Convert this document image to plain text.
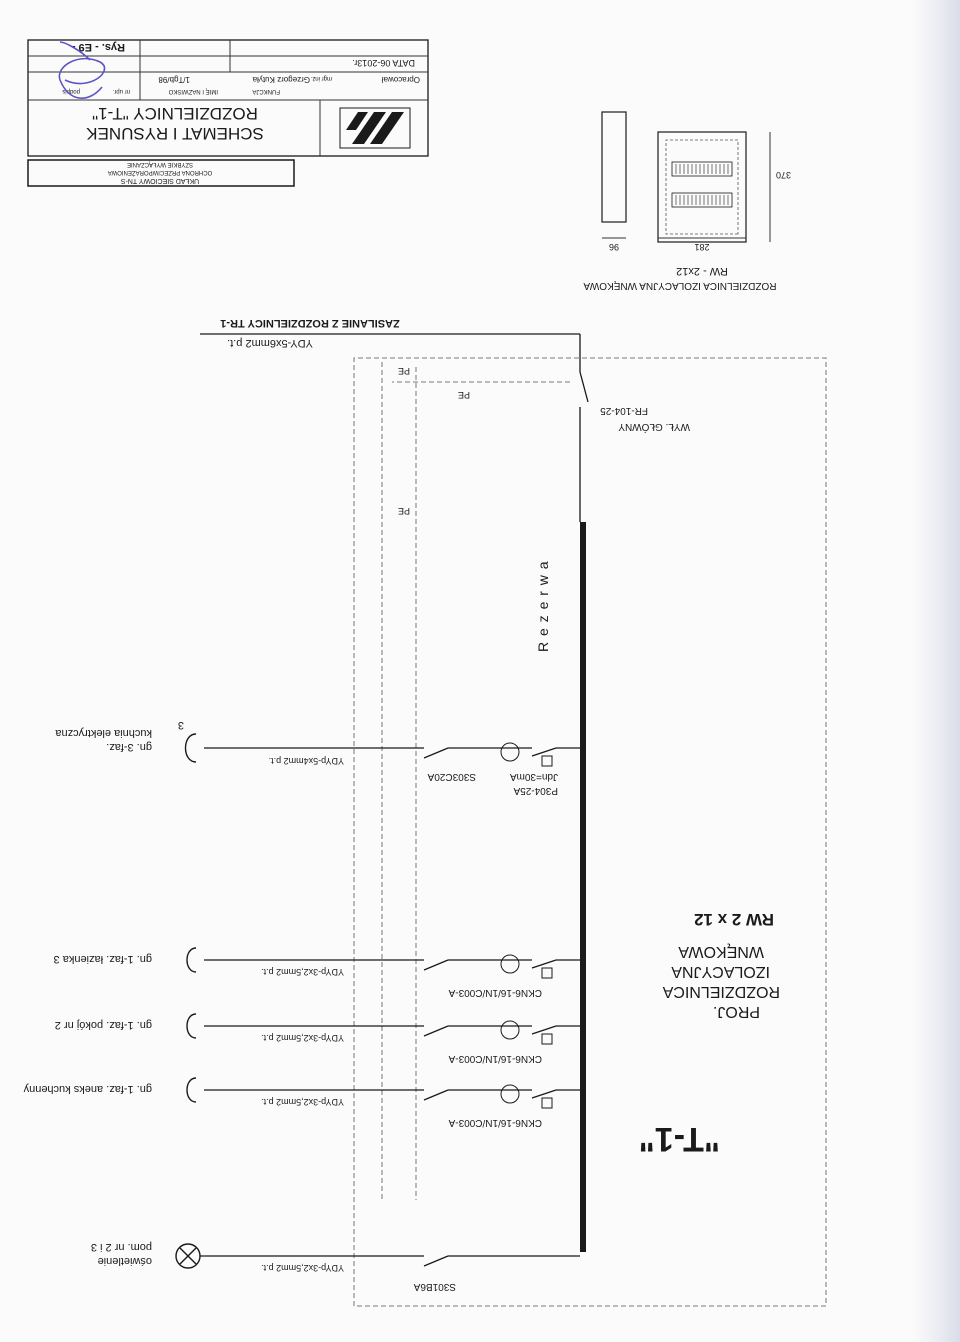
SCHEMAT I RYSUNEK
ROZDZIELNICY "T-1"
FUNKCJA
IMIĘ I NAZWISKO
nr upr.
podpis
Opracował
mgr inż.
Grzegorz Kutyła
1/Tgb/98
DATA 06-2013r.
Rys. - E9 -
UKŁAD SIECIOWY TN-S
OCHRONA PRZECIWPORAŻENIOWA
SZYBKIE WYŁĄCZANIE
281
96
370
RW - 2x12
ROZDZIELNICA IZOLACYJNA WNĘKOWA
ZASILANIE Z ROZDZIELNICY TR-1
YDY-5x6mm2 p.t.
FR-104-25
WYŁ. GŁÓWNY
PE
PE
PE
R e z e r w a
"T-1"
PROJ.
ROZDZIELNICA
IZOLACYJNA
WNĘKOWA
RW 2 x 12
P304-25A
Jdn=30mA
S303C20A
YDYp-5x4mm2 p.t.
3
gn. 3-faz.
kuchnia elektryczna
CKN6-16/1N/C003-A
YDYp-3x2,5mm2 p.t.
gn. 1-faz. łazienka 3
CKN6-16/1N/C003-A
YDYp-3x2,5mm2 p.t.
gn. 1-faz. pokój nr 2
CKN6-16/1N/C003-A
YDYp-3x2,5mm2 p.t.
gn. 1-faz. aneks kuchenny
S301B6A
YDYp-3x2,5mm2 p.t.
oświetlenie
pom. nr 2 i 3
